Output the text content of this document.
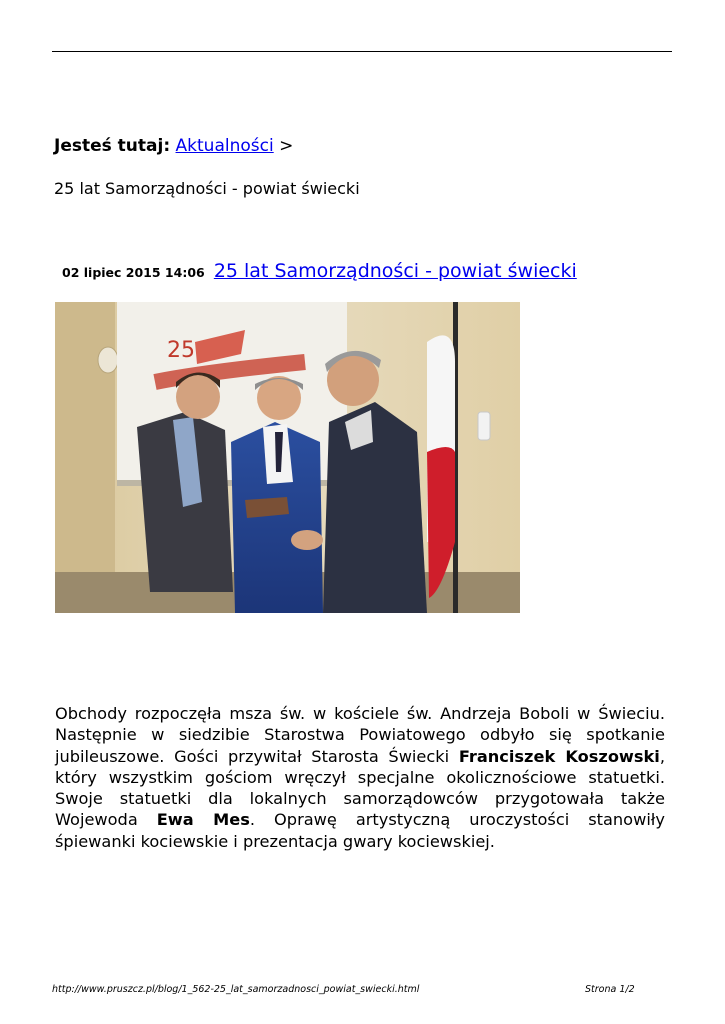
Jesteś tutaj: Aktualności >
25 lat Samorządności - powiat świecki
02 lipiec 2015 14:06 25 lat Samorządności - powiat świecki
25

Obchody rozpoczęła msza św. w kościele św. Andrzeja Boboli w Świeciu. Następnie w siedzibie Starostwa Powiatowego odbyło się spotkanie jubileuszowe. Gości przywitał Starosta Świecki Franciszek Koszowski, który wszystkim gościom wręczył specjalne okolicznościowe statuetki. Swoje statuetki dla lokalnych samorządowców przygotowała także Wojewoda Ewa Mes. Oprawę artystyczną uroczystości stanowiły śpiewanki kociewskie i prezentacja gwary kociewskiej.

http://www.pruszcz.pl/blog/1_562-25_lat_samorzadnosci_powiat_swiecki.html	Strona 1/2
